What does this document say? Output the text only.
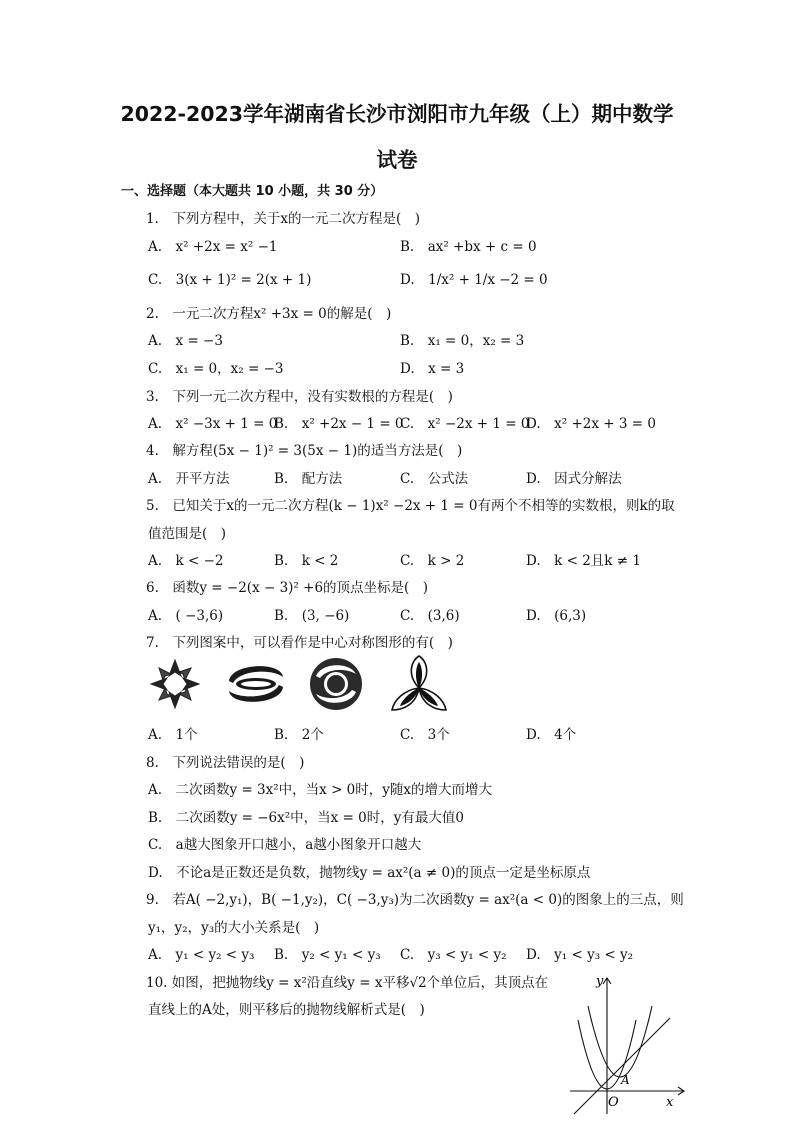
2022-2023学年湖南省长沙市浏阳市九年级（上）期中数学
试卷
一、选择题（本大题共 10 小题，共 30 分）
1.　下列方程中，关于x的一元二次方程是(　)
A.　x² +2x = x² −1	B.　ax² +bx + c = 0
C.　3(x + 1)² = 2(x + 1)	D.　1/x² + 1/x −2 = 0
2.　一元二次方程x² +3x = 0的解是(　)
A.　x = −3	B.　x₁ = 0，x₂ = 3
C.　x₁ = 0，x₂ = −3	D.　x = 3
3.　下列一元二次方程中，没有实数根的方程是(　)
A.　x² −3x + 1 = 0
B.　x² +2x − 1 = 0
C.　x² −2x + 1 = 0
D.　x² +2x + 3 = 0
4.　解方程(5x − 1)² = 3(5x − 1)的适当方法是(　)
A.　开平方法	B.　配方法	C.　公式法	D.　因式分解法
5.　已知关于x的一元二次方程(k − 1)x² −2x + 1 = 0有两个不相等的实数根，则k的取
值范围是(　)
A.　k < −2	B.　k < 2	C.　k > 2	D.　k < 2且k ≠ 1
6.　函数y = −2(x − 3)² +6的顶点坐标是(　)
A.　( −3,6)	B.　(3, −6)	C.　(3,6)	D.　(6,3)
7.　下列图案中，可以看作是中心对称图形的有(　)
A.　1个	B.　2个	C.　3个	D.　4个
8.　下列说法错误的是(　)
A.　二次函数y = 3x²中，当x > 0时，y随x的增大而增大
B.　二次函数y = −6x²中，当x = 0时，y有最大值0
C.　a越大图象开口越小，a越小图象开口越大
D.　不论a是正数还是负数，抛物线y = ax²(a ≠ 0)的顶点一定是坐标原点
9.　若A( −2,y₁)，B( −1,y₂)，C( −3,y₃)为二次函数y = ax²(a < 0)的图象上的三点，则
y₁，y₂，y₃的大小关系是(　)
A.　y₁ < y₂ < y₃ B.　y₂ < y₁ < y₃ C.　y₃ < y₁ < y₂ D.　y₁ < y₃ < y₂
10. 如图，把抛物线y = x²沿直线y = x平移√2个单位后，其顶点在
直线上的A处，则平移后的抛物线解析式是(　)
y
x
O
A
